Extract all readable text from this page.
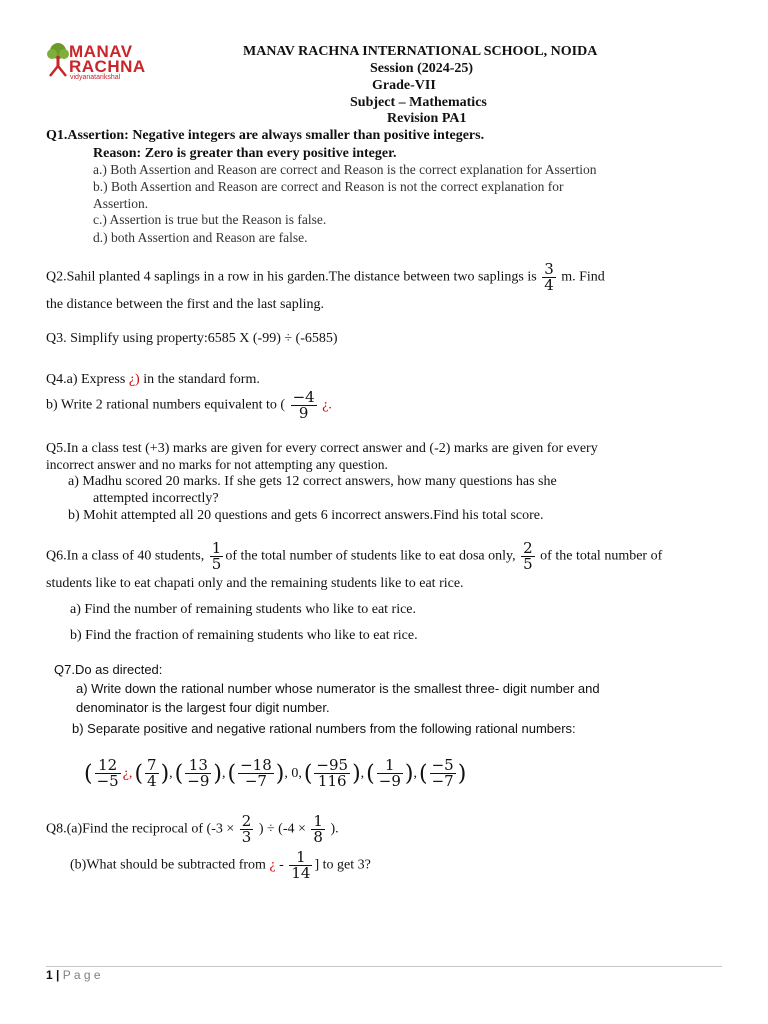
MANAV
RACHNA
vidyanatarikshal
MANAV RACHNA INTERNATIONAL SCHOOL, NOIDA
Session (2024-25)
Grade-VII
Subject – Mathematics
Revision PA1
Q1.Assertion: Negative integers are always smaller than positive integers.
Reason: Zero is greater than every positive integer.
a.) Both Assertion and Reason are correct and Reason is the correct explanation for Assertion
b.) Both Assertion and Reason are correct and Reason is not the correct explanation for
Assertion.
c.) Assertion is true but the Reason is false.
d.) both Assertion and Reason are false.
Q2.Sahil planted 4 saplings in a row in his garden.The distance between two saplings is $\frac{3}{4} m$. Find
the distance between the first and the last sapling.
Q3. Simplify using property:6585 X (-99) ÷ (-6585)
Q4.a) Express ¿) in the standard form.
b) Write 2 rational numbers equivalent to ( $\frac{-4}{9}$ ¿.
Q5.In a class test (+3) marks are given for every correct answer and (-2) marks are given for every
incorrect answer and no marks for not attempting any question.
a) Madhu scored 20 marks. If she gets 12 correct answers, how many questions has she
attempted incorrectly?
b) Mohit attempted all 20 questions and gets 6 incorrect answers.Find his total score.
Q6.In a class of 40 students, $\frac{1}{5}$ of the total number of students like to eat dosa only, $\frac{2}{5}$ of the total number of
students like to eat chapati only and the remaining students like to eat rice.
a) Find the number of remaining students who like to eat rice.
b) Find the fraction of remaining students who like to eat rice.
Q7.Do as directed:
a) Write down the rational number whose numerator is the smallest three- digit number and
denominator is the largest four digit number.
b) Separate positive and negative rational numbers from the following rational numbers:
( $\frac{12}{-5}$ ¿,( $\frac{7}{4}$ ),( $\frac{13}{-9}$ ),( $\frac{-18}{-7}$ ), $0,( \frac{-95}{116}$ ),( $\frac{1}{-9}$ ),( $\frac{-5}{-7}$ )
Q8.(a)Find the reciprocal of ($-3 \times \frac{2}{3}$ ) ÷ ($-4 \times \frac{1}{8}$ ).
(b)What should be subtracted from ¿ - $\frac{1}{14}$ ] to get 3?
1 | P a g e
